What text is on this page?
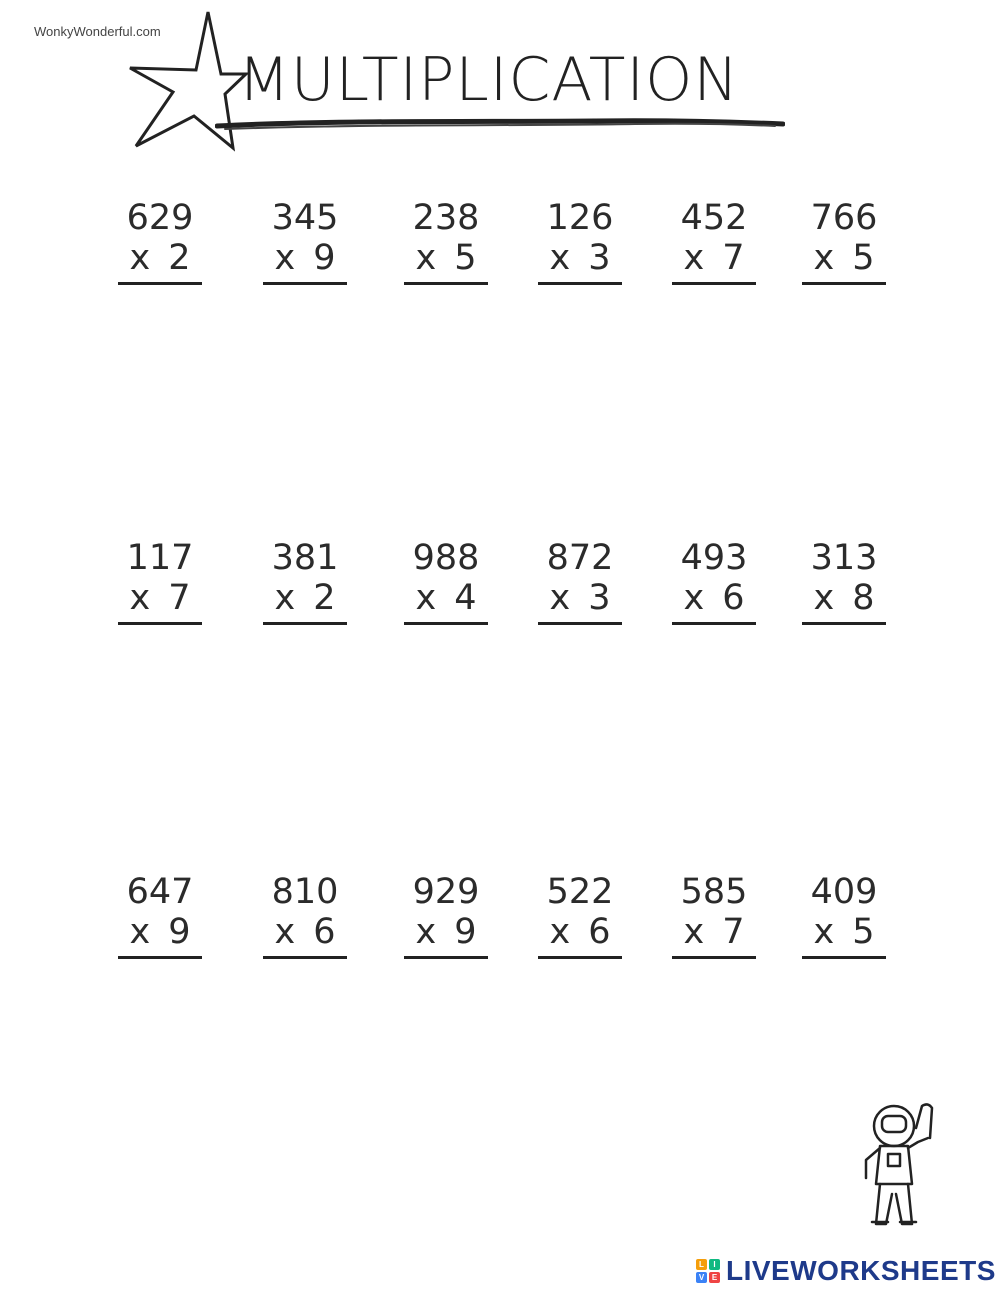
WonkyWonderful.com
MULTIPLICATION
629
x 2
345
x 9
238
x 5
126
x 3
452
x 7
766
x 5
117
x 7
381
x 2
988
x 4
872
x 3
493
x 6
313
x 8
647
x 9
810
x 6
929
x 9
522
x 6
585
x 7
409
x 5
L	I
V E LIVEWORKSHEETS
